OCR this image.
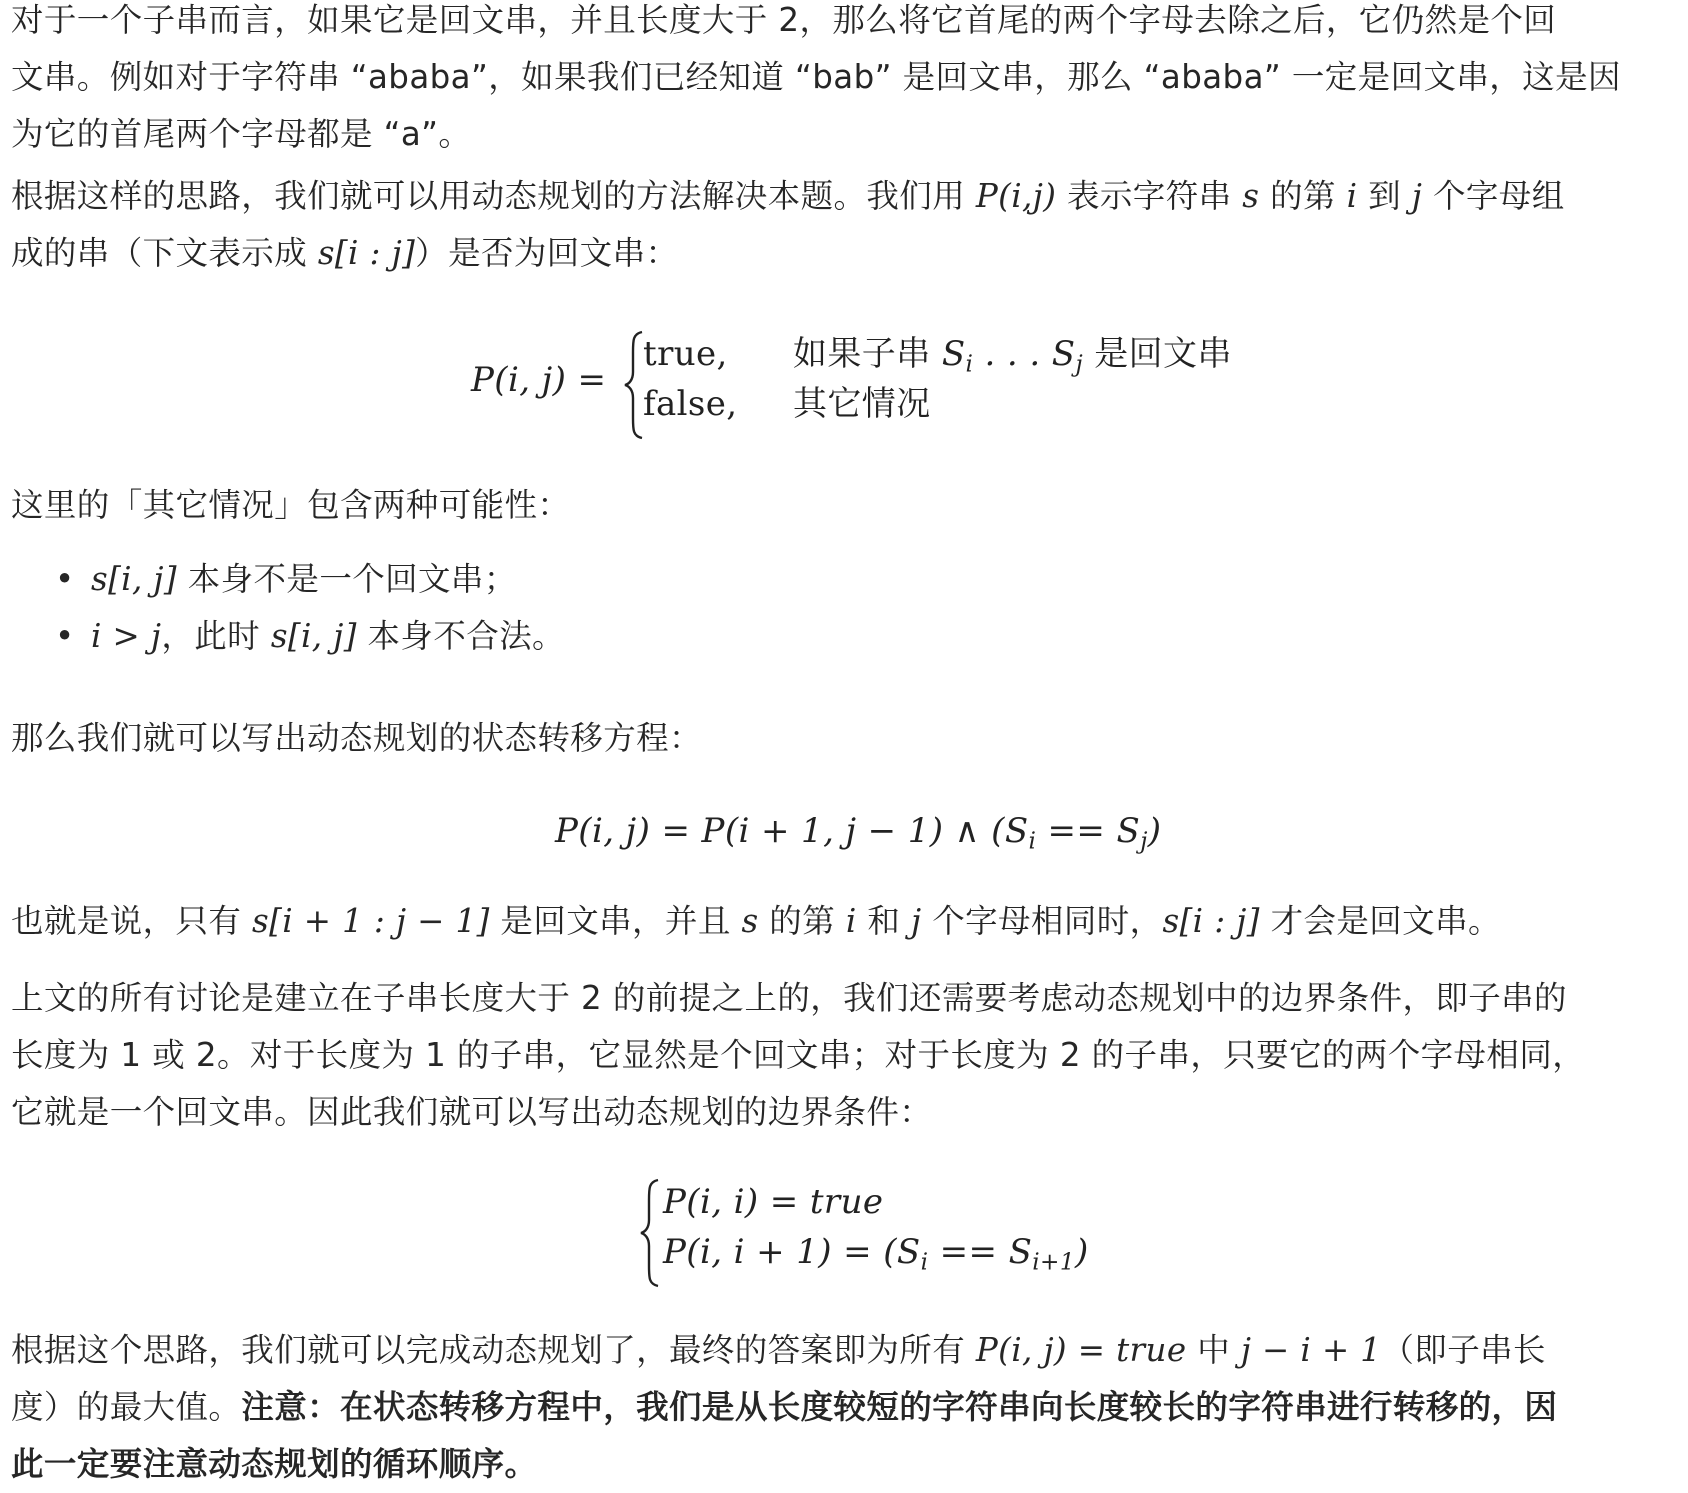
对于一个子串而言，如果它是回文串，并且长度大于 2，那么将它首尾的两个字母去除之后，它仍然是个回
文串。例如对于字符串 “ababa”，如果我们已经知道 “bab” 是回文串，那么 “ababa” 一定是回文串，这是因
为它的首尾两个字母都是 “a”。
根据这样的思路，我们就可以用动态规划的方法解决本题。我们用 P(i,j) 表示字符串 s 的第 i 到 j 个字母组
成的串（下文表示成 s[i : j]）是否为回文串：
P(i, j) =
true, 如果子串 $S_i$ . . . $S_j$ 是回文串
false, 其它情况
这里的「其它情况」包含两种可能性：
• s[i, j] 本身不是一个回文串；
• i > j，此时 s[i, j] 本身不合法。
那么我们就可以写出动态规划的状态转移方程：
P(i, j) = P(i + 1, j − 1) ∧ $(S_i == S_j)$
也就是说，只有 s[i + 1 : j − 1] 是回文串，并且 s 的第 i 和 j 个字母相同时，s[i : j] 才会是回文串。
上文的所有讨论是建立在子串长度大于 2 的前提之上的，我们还需要考虑动态规划中的边界条件，即子串的
长度为 1 或 2。对于长度为 1 的子串，它显然是个回文串；对于长度为 2 的子串，只要它的两个字母相同，
它就是一个回文串。因此我们就可以写出动态规划的边界条件：
P(i, i) = true
P(i, $i + 1) = (S_i == S_{i+1})$
根据这个思路，我们就可以完成动态规划了，最终的答案即为所有 P(i, j) = true 中 j − i + 1（即子串长
度）的最大值。注意：在状态转移方程中，我们是从长度较短的字符串向长度较长的字符串进行转移的，因
此一定要注意动态规划的循环顺序。
